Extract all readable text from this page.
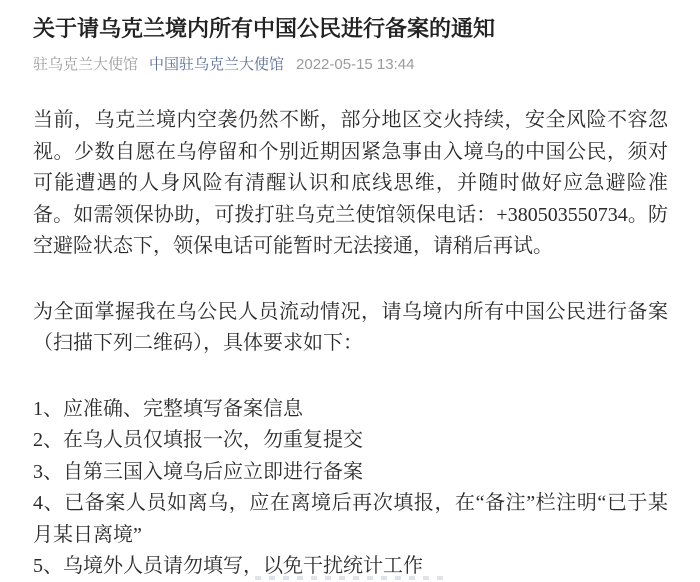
关于请乌克兰境内所有中国公民进行备案的通知
驻乌克兰大使馆 中国驻乌克兰大使馆 2022-05-15 13:44

当前，乌克兰境内空袭仍然不断，部分地区交火持续，安全风险不容忽视。少数自愿在乌停留和个别近期因紧急事由入境乌的中国公民，须对可能遭遇的人身风险有清醒认识和底线思维，并随时做好应急避险准备。如需领保协助，可拨打驻乌克兰使馆领保电话：+380503550734。防空避险状态下，领保电话可能暂时无法接通，请稍后再试。

为全面掌握我在乌公民人员流动情况，请乌境内所有中国公民进行备案（扫描下列二维码），具体要求如下：

1、应准确、完整填写备案信息

2、在乌人员仅填报一次，勿重复提交

3、自第三国入境乌后应立即进行备案

4、已备案人员如离乌，应在离境后再次填报，在“备注”栏注明“已于某月某日离境”

5、乌境外人员请勿填写，以免干扰统计工作
